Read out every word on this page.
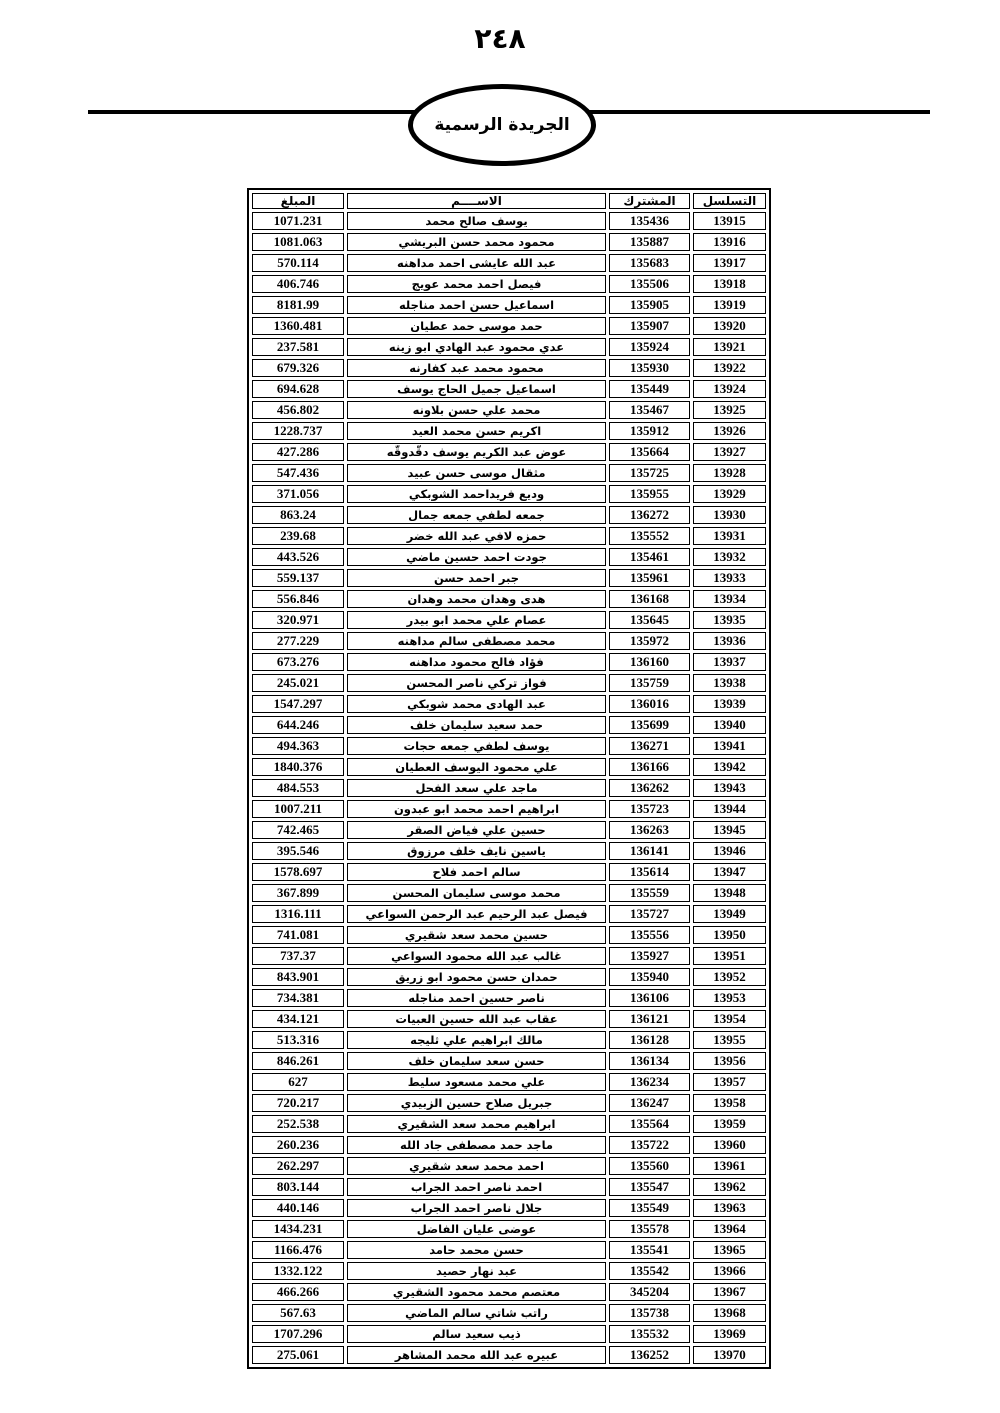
٢٤٨
الجريدة الرسمية
التسلسل	المشترك	الاســــم	المبلغ
13915	135436	يوسف صالح محمد	1071.231
13916	135887	محمود محمد حسن البريشي	1081.063
13917	135683	عبد الله عايشى احمد مداهنه	570.114
13918	135506	فيصل احمد محمد عويج	406.746
13919	135905	اسماعيل حسن احمد مناجله	8181.99
13920	135907	حمد موسى حمد عطيان	1360.481
13921	135924	عدي محمود عبد الهادي ابو زينه	237.581
13922	135930	محمود محمد عبد كفارنه	679.326
13924	135449	اسماعيل جميل الحاج يوسف	694.628
13925	135467	محمد علي حسن بلاونه	456.802
13926	135912	اكريم حسن محمد العيد	1228.737
13927	135664	عوض عبد الكريم يوسف دقّدوقّه	427.286
13928	135725	مثقال موسى حسن عبيد	547.436
13929	135955	وديع فريداحمد الشوبكي	371.056
13930	136272	جمعه لطفي جمعه جمال	863.24
13931	135552	حمزه لافي عبد الله خضر	239.68
13932	135461	جودت احمد حسين ماضي	443.526
13933	135961	جبر احمد حسن	559.137
13934	136168	هدى وهدان محمد وهدان	556.846
13935	135645	عصام علي محمد ابو بيدر	320.971
13936	135972	محمد مصطفى سالم مداهنه	277.229
13937	136160	فؤاد فالح محمود مداهنه	673.276
13938	135759	فواز تركي ناصر المحسن	245.021
13939	136016	عبد الهادى محمد شوبكي	1547.297
13940	135699	حمد سعيد سليمان خلف	644.246
13941	136271	يوسف لطفي جمعه حجات	494.363
13942	136166	علي محمود اليوسف العطيان	1840.376
13943	136262	ماجد علي سعد الفحل	484.553
13944	135723	ابراهيم احمد محمد ابو عبدون	1007.211
13945	136263	حسين علي فياض الصقر	742.465
13946	136141	ياسين نايف خلف مرزوق	395.546
13947	135614	سالم احمد فلاح	1578.697
13948	135559	محمد موسى سليمان المحسن	367.899
13949	135727	فيصل عبد الرحيم عبد الرحمن السواعي	1316.111
13950	135556	حسين محمد سعد شقيري	741.081
13951	135927	غالب عبد الله محمود السواعي	737.37
13952	135940	حمدان حسن محمود ابو زريق	843.901
13953	136106	ناصر حسين احمد مناجله	734.381
13954	136121	عقاب عبد الله حسين العبيات	434.121
13955	136128	مالك ابراهيم علي ثليجه	513.316
13956	136134	حسن سعد سليمان خلف	846.261
13957	136234	علي محمد مسعود سليط	627
13958	136247	جبريل صلاح حسين الزبيدي	720.217
13959	135564	ابراهيم محمد سعد الشقيري	252.538
13960	135722	ماجد حمد مصطفى جاد الله	260.236
13961	135560	احمد محمد سعد شقيري	262.297
13962	135547	احمد ناصر احمد الجراب	803.144
13963	135549	جلال ناصر احمد الجراب	440.146
13964	135578	عوضى عليان الفاضل	1434.231
13965	135541	حسن محمد حامد	1166.476
13966	135542	عبد نهار حصيد	1332.122
13967	345204	معتصم محمد محمود الشقيري	466.266
13968	135738	راتب شاتي سالم الماضي	567.63
13969	135532	ذيب سعيد سالم	1707.296
13970	136252	عبيره عبد الله محمد المشاهر	275.061
